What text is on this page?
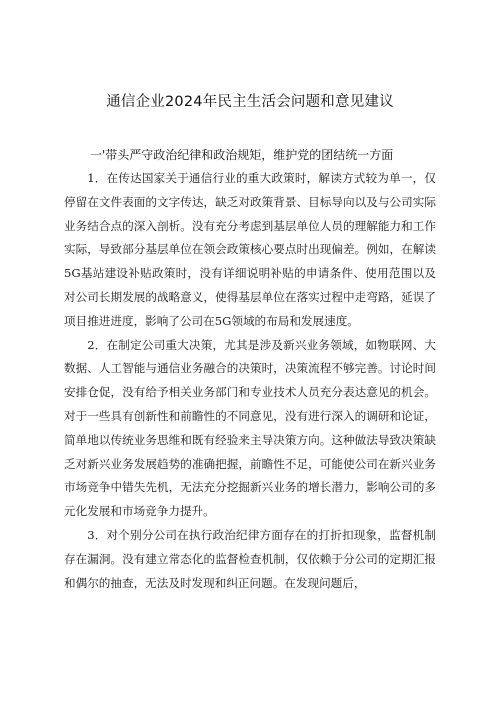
通信企业2024年民主生活会问题和意见建议
一'带头严守政治纪律和政治规矩，维护党的团结统一方面

1．在传达国家关于通信行业的重大政策时，解读方式较为单一，仅停留在文件表面的文字传达，缺乏对政策背景、目标导向以及与公司实际业务结合点的深入剖析。没有充分考虑到基层单位人员的理解能力和工作实际，导致部分基层单位在领会政策核心要点时出现偏差。例如，在解读5G基站建设补贴政策时，没有详细说明补贴的申请条件、使用范围以及对公司长期发展的战略意义，使得基层单位在落实过程中走弯路，延误了项目推进进度，影响了公司在5G领域的布局和发展速度。

2．在制定公司重大决策，尤其是涉及新兴业务领域，如物联网、大数据、人工智能与通信业务融合的决策时，决策流程不够完善。讨论时间安排仓促，没有给予相关业务部门和专业技术人员充分表达意见的机会。对于一些具有创新性和前瞻性的不同意见，没有进行深入的调研和论证，简单地以传统业务思维和既有经验来主导决策方向。这种做法导致决策缺乏对新兴业务发展趋势的准确把握，前瞻性不足，可能使公司在新兴业务市场竞争中错失先机，无法充分挖掘新兴业务的增长潜力，影响公司的多元化发展和市场竞争力提升。

3．对个别分公司在执行政治纪律方面存在的打折扣现象，监督机制存在漏洞。没有建立常态化的监督检查机制，仅依赖于分公司的定期汇报和偶尔的抽查，无法及时发现和纠正问题。在发现问题后，
